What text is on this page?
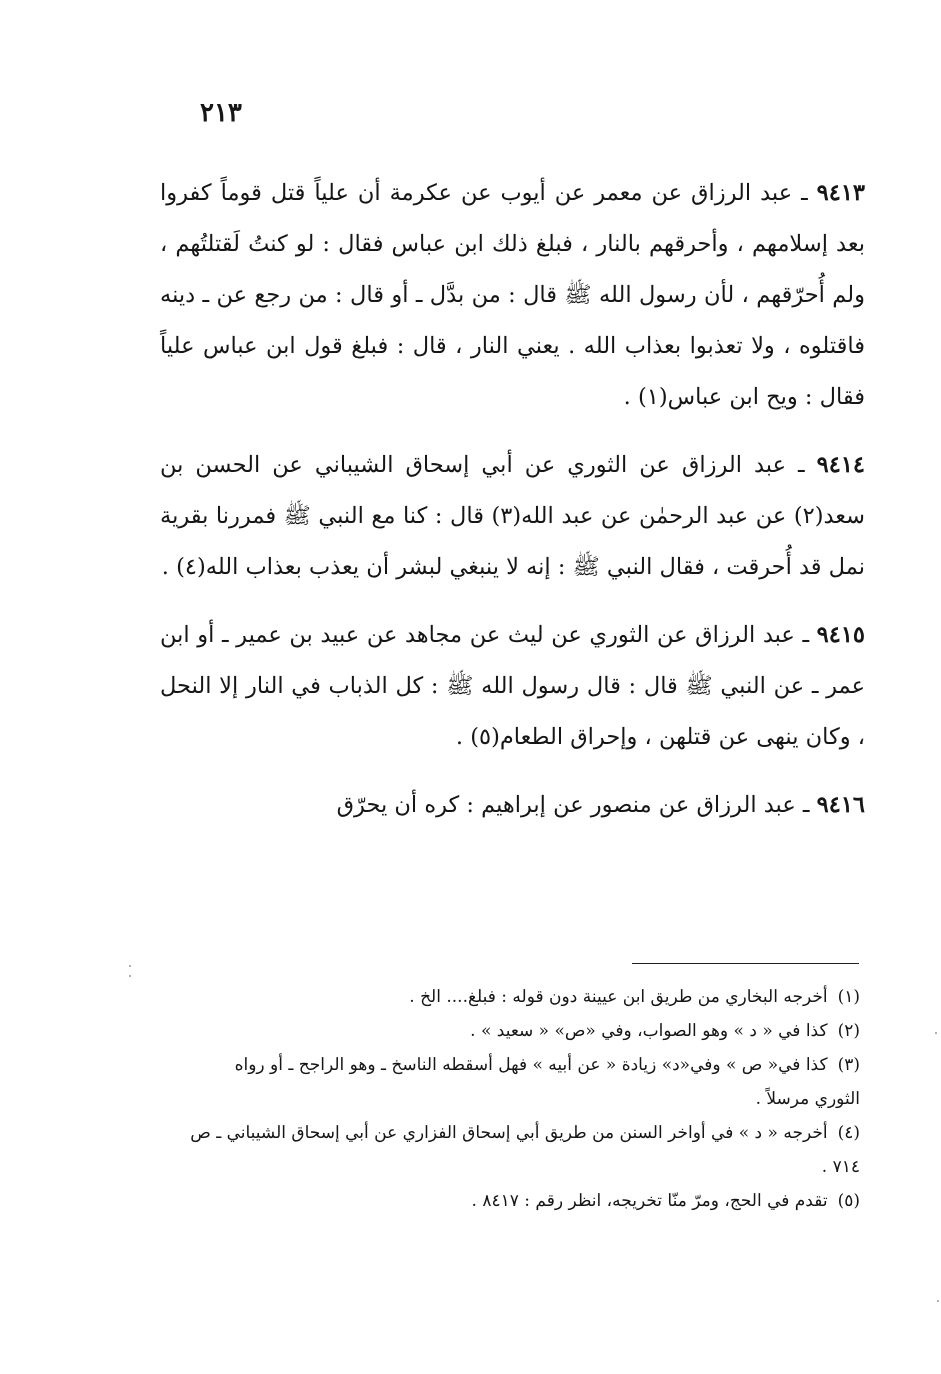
٢١٣

٩٤١٣ ـ عبد الرزاق عن معمر عن أيوب عن عكرمة أن علياً قتل قوماً كفروا بعد إسلامهم ، وأحرقهم بالنار ، فبلغ ذلك ابن عباس فقال : لو كنتُ لَقتلتُهم ، ولم أُحرّقهم ، لأن رسول الله ﷺ قال : من بدَّل ـ أو قال : من رجع عن ـ دينه فاقتلوه ، ولا تعذبوا بعذاب الله . يعني النار ، قال : فبلغ قول ابن عباس علياً فقال : ويح ابن عباس(١) .

٩٤١٤ ـ عبد الرزاق عن الثوري عن أبي إسحاق الشيباني عن الحسن بن سعد(٢) عن عبد الرحمٰن عن عبد الله(٣) قال : كنا مع النبي ﷺ فمررنا بقرية نمل قد أُحرقت ، فقال النبي ﷺ : إنه لا ينبغي لبشر أن يعذب بعذاب الله(٤) .

٩٤١٥ ـ عبد الرزاق عن الثوري عن ليث عن مجاهد عن عبيد بن عمير ـ أو ابن عمر ـ عن النبي ﷺ قال : قال رسول الله ﷺ : كل الذباب في النار إلا النحل ، وكان ينهى عن قتلهن ، وإحراق الطعام(٥) .

٩٤١٦ ـ عبد الرزاق عن منصور عن إبراهيم : كره أن يحرّق

(١)أخرجه البخاري من طريق ابن عيينة دون قوله : فبلغ.... الخ .

(٢)كذا في « د » وهو الصواب، وفي «ص» « سعيد » .

(٣)كذا في« ص » وفي«د» زيادة « عن أبيه » فهل أسقطه الناسخ ـ وهو الراجح ـ أو رواه الثوري مرسلاً .

(٤)أخرجه « د » في أواخر السنن من طريق أبي إسحاق الفزاري عن أبي إسحاق الشيباني ـ ص ٧١٤ .

(٥)تقدم في الحج، ومرّ منّا تخريجه، انظر رقم : ٨٤١٧ .
